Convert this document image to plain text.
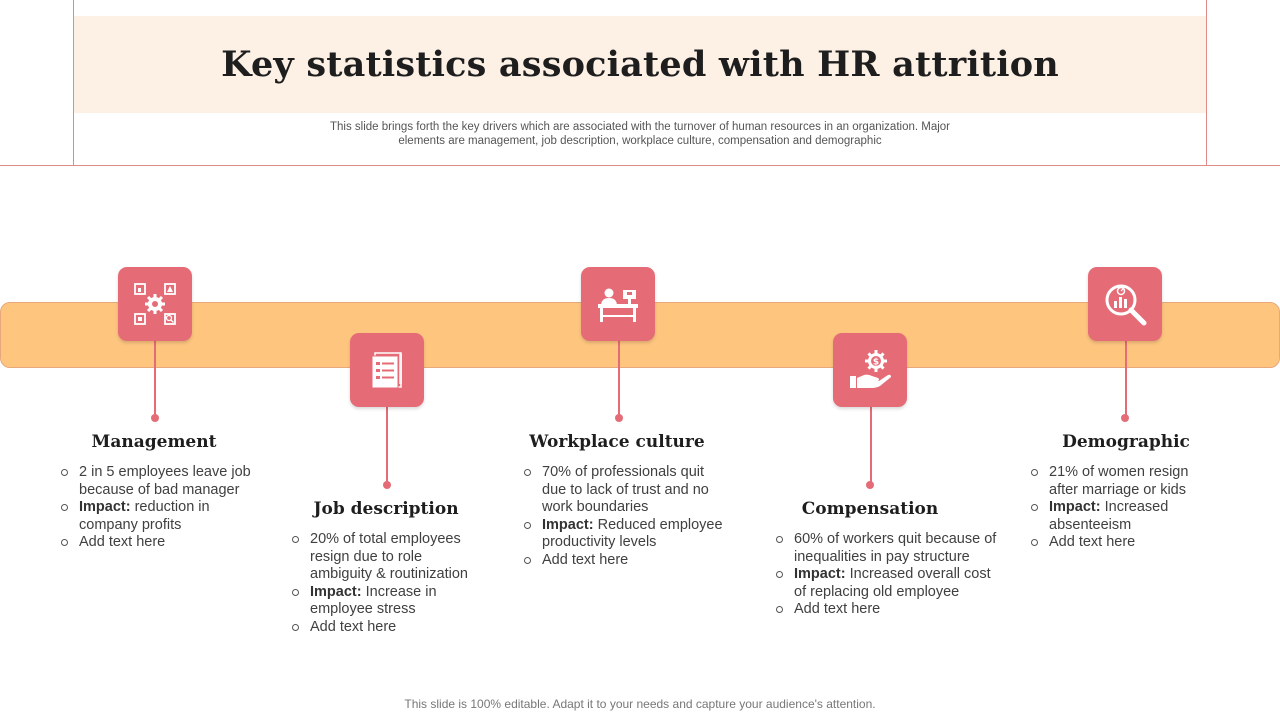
Key statistics associated with HR attrition
This slide brings forth the key drivers which are associated with the turnover of human resources in an organization. Major elements are management, job description, workplace culture, compensation and demographic
Management
2 in 5 employees leave job because of bad manager
Impact: reduction in company profits
Add text here
Job description
20% of total employees resign due to role ambiguity & routinization
Impact: Increase in employee stress
Add text here
Workplace culture
70% of professionals quit due to lack of trust and no work boundaries
Impact: Reduced employee productivity levels
Add text here
$
Compensation
60% of workers quit because of inequalities in pay structure
Impact: Increased overall cost of replacing old employee
Add text here
Demographic
21% of women resign after marriage or kids
Impact: Increased absenteeism
Add text here
This slide is 100% editable. Adapt it to your needs and capture your audience's attention.
